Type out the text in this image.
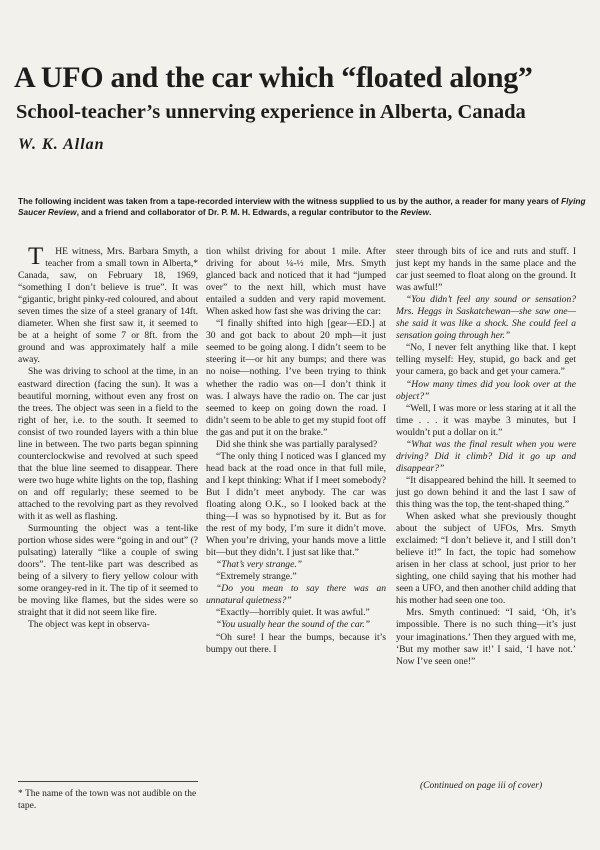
A UFO and the car which “floated along”
School-teacher’s unnerving experience in Alberta, Canada
W. K. Allan

The following incident was taken from a tape-recorded interview with the witness supplied to us by the author, a reader for many years of Flying Saucer Review, and a friend and collaborator of Dr. P. M. H. Edwards, a regular contributor to the Review.

T HE witness, Mrs. Barbara Smyth, a teacher from a small town in Alberta,* Canada, saw, on February 18, 1969, “something I don’t believe is true”. It was “gigantic, bright pinky-red coloured, and about seven times the size of a steel granary of 14ft. diameter. When she first saw it, it seemed to be at a height of some 7 or 8ft. from the ground and was approximately half a mile away.

She was driving to school at the time, in an eastward direction (facing the sun). It was a beautiful morning, without even any frost on the trees. The object was seen in a field to the right of her, i.e. to the south. It seemed to consist of two rounded layers with a thin blue line in between. The two parts began spinning counterclockwise and revolved at such speed that the blue line seemed to disappear. There were two huge white lights on the top, flashing on and off regularly; these seemed to be attached to the revolving part as they revolved with it as well as flashing.

Surmounting the object was a tent-like portion whose sides were “going in and out” (? pulsating) laterally “like a couple of swing doors”. The tent-like part was described as being of a silvery to fiery yellow colour with some orangey-red in it. The tip of it seemed to be moving like flames, but the sides were so straight that it did not seem like fire.

The object was kept in observa-

tion whilst driving for about 1 mile. After driving for about ¼-½ mile, Mrs. Smyth glanced back and noticed that it had “jumped over” to the next hill, which must have entailed a sudden and very rapid movement. When asked how fast she was driving the car:

“I finally shifted into high [gear—ED.] at 30 and got back to about 20 mph—it just seemed to be going along. I didn’t seem to be steering it—or hit any bumps; and there was no noise—nothing. I’ve been trying to think whether the radio was on—I don’t think it was. I always have the radio on. The car just seemed to keep on going down the road. I didn’t seem to be able to get my stupid foot off the gas and put it on the brake.”

Did she think she was partially paralysed?

“The only thing I noticed was I glanced my head back at the road once in that full mile, and I kept thinking: What if I meet somebody? But I didn’t meet anybody. The car was floating along O.K., so I looked back at the thing—I was so hypnotised by it. But as for the rest of my body, I’m sure it didn’t move. When you’re driving, your hands move a little bit—but they didn’t. I just sat like that.”

“That’s very strange.”

“Extremely strange.”

“Do you mean to say there was an unnatural quietness?”

“Exactly—horribly quiet. It was awful.”

“You usually hear the sound of the car.”

“Oh sure! I hear the bumps, because it’s bumpy out there. I

steer through bits of ice and ruts and stuff. I just kept my hands in the same place and the car just seemed to float along on the ground. It was awful!”

“You didn’t feel any sound or sensation? Mrs. Heggs in Saskatchewan—she saw one—she said it was like a shock. She could feel a sensation going through her.”

“No, I never felt anything like that. I kept telling myself: Hey, stupid, go back and get your camera, go back and get your camera.”

“How many times did you look over at the object?”

“Well, I was more or less staring at it all the time . . . it was maybe 3 minutes, but I wouldn’t put a dollar on it.”

“What was the final result when you were driving? Did it climb? Did it go up and disappear?”

“It disappeared behind the hill. It seemed to just go down behind it and the last I saw of this thing was the top, the tent-shaped thing.”

When asked what she previously thought about the subject of UFOs, Mrs. Smyth exclaimed: “I don’t believe it, and I still don’t believe it!” In fact, the topic had somehow arisen in her class at school, just prior to her sighting, one child saying that his mother had seen a UFO, and then another child adding that his mother had seen one too.

Mrs. Smyth continued: “I said, ‘Oh, it’s impossible. There is no such thing—it’s just your imaginations.’ Then they argued with me, ‘But my mother saw it!’ I said, ‘I have not.’ Now I’ve seen one!”

* The name of the town was not audible on the tape.

(Continued on page iii of cover)
